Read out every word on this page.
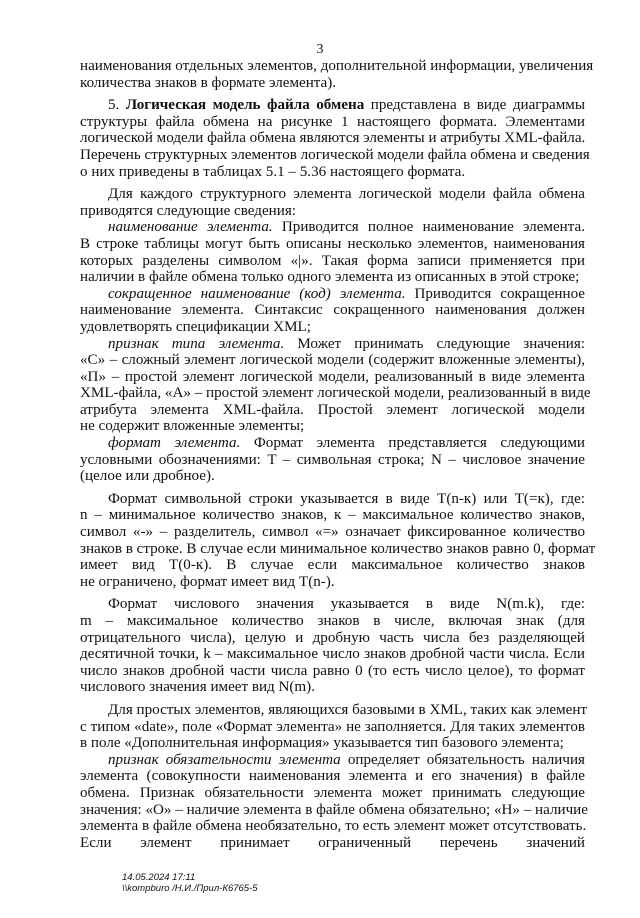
3

наименования отдельных элементов, дополнительной информации, увеличения
количества знаков в формате элемента).

5. Логическая модель файла обмена представлена в виде диаграммы
структуры файла обмена на рисунке 1 настоящего формата. Элементами
логической модели файла обмена являются элементы и атрибуты XML-файла.
Перечень структурных элементов логической модели файла обмена и сведения
о них приведены в таблицах 5.1 – 5.36 настоящего формата.

Для каждого структурного элемента логической модели файла обмена
приводятся следующие сведения:

наименование элемента. Приводится полное наименование элемента.
В строке таблицы могут быть описаны несколько элементов, наименования
которых разделены символом «|». Такая форма записи применяется при
наличии в файле обмена только одного элемента из описанных в этой строке;

сокращенное наименование (код) элемента. Приводится сокращенное
наименование элемента. Синтаксис сокращенного наименования должен
удовлетворять спецификации XML;

признак типа элемента. Может принимать следующие значения:
«С» – сложный элемент логической модели (содержит вложенные элементы),
«П» – простой элемент логической модели, реализованный в виде элемента
XML-файла, «А» – простой элемент логической модели, реализованный в виде
атрибута элемента XML-файла. Простой элемент логической модели
не содержит вложенные элементы;

формат элемента. Формат элемента представляется следующими
условными обозначениями: T – символьная строка; N – числовое значение
(целое или дробное).

Формат символьной строки указывается в виде T(n-к) или T(=к), где:
n – минимальное количество знаков, к – максимальное количество знаков,
символ «-» – разделитель, символ «=» означает фиксированное количество
знаков в строке. В случае если минимальное количество знаков равно 0, формат
имеет вид T(0-к). В случае если максимальное количество знаков
не ограничено, формат имеет вид T(n-).

Формат числового значения указывается в виде N(m.k), где:
m – максимальное количество знаков в числе, включая знак (для
отрицательного числа), целую и дробную часть числа без разделяющей
десятичной точки, k – максимальное число знаков дробной части числа. Если
число знаков дробной части числа равно 0 (то есть число целое), то формат
числового значения имеет вид N(m).

Для простых элементов, являющихся базовыми в XML, таких как элемент
с типом «date», поле «Формат элемента» не заполняется. Для таких элементов
в поле «Дополнительная информация» указывается тип базового элемента;

признак обязательности элемента определяет обязательность наличия
элемента (совокупности наименования элемента и его значения) в файле
обмена. Признак обязательности элемента может принимать следующие
значения: «О» – наличие элемента в файле обмена обязательно; «Н» – наличие
элемента в файле обмена необязательно, то есть элемент может отсутствовать.
Если элемент принимает ограниченный перечень значений

14.05.2024 17:11
\\kompburo /Н.И./Прил-К6765-5
